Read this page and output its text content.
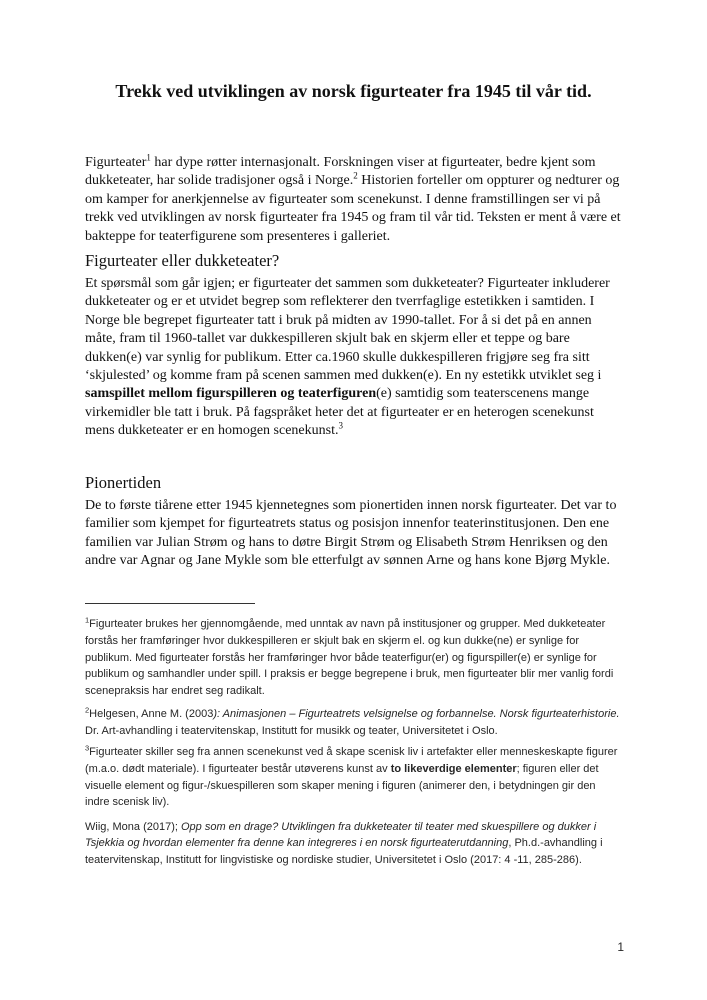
Trekk ved utviklingen av norsk figurteater fra 1945 til vår tid.

Figurteater$^1$ har dype røtter internasjonalt. Forskningen viser at figurteater, bedre kjent som dukketeater, har solide tradisjoner også i Norge.$^2$ Historien forteller om oppturer og nedturer og om kamper for anerkjennelse av figurteater som scenekunst. I denne framstillingen ser vi på trekk ved utviklingen av norsk figurteater fra 1945 og fram til vår tid. Teksten er ment å være et bakteppe for teaterfigurene som presenteres i galleriet.

Figurteater eller dukketeater?

Et spørsmål som går igjen; er figurteater det sammen som dukketeater? Figurteater inkluderer dukketeater og er et utvidet begrep som reflekterer den tverrfaglige estetikken i samtiden. I Norge ble begrepet figurteater tatt i bruk på midten av 1990-tallet. For å si det på en annen måte, fram til 1960-tallet var dukkespilleren skjult bak en skjerm eller et teppe og bare dukken(e) var synlig for publikum. Etter ca.1960 skulle dukkespilleren frigjøre seg fra sitt ‘skjulested’ og komme fram på scenen sammen med dukken(e). En ny estetikk utviklet seg i samspillet mellom figurspilleren og teaterfiguren(e) samtidig som teaterscenens mange virkemidler ble tatt i bruk. På fagspråket heter det at figurteater er en heterogen scenekunst mens dukketeater er en homogen scenekunst.$^3$

Pionertiden

De to første tiårene etter 1945 kjennetegnes som pionertiden innen norsk figurteater. Det var to familier som kjempet for figurteatrets status og posisjon innenfor teaterinstitusjonen. Den ene familien var Julian Strøm og hans to døtre Birgit Strøm og Elisabeth Strøm Henriksen og den andre var Agnar og Jane Mykle som ble etterfulgt av sønnen Arne og hans kone Bjørg Mykle.

$^1$Figurteater brukes her gjennomgående, med unntak av navn på institusjoner og grupper. Med dukketeater forstås her framføringer hvor dukkespilleren er skjult bak en skjerm el. og kun dukke(ne) er synlige for publikum. Med figurteater forstås her framføringer hvor både teaterfigur(er) og figurspiller(e) er synlige for publikum og samhandler under spill. I praksis er begge begrepene i bruk, men figurteater blir mer vanlig fordi scenepraksis har endret seg radikalt.

$^2$Helgesen, Anne M. (2003): Animasjonen – Figurteatrets velsignelse og forbannelse. Norsk figurteaterhistorie. Dr. Art-avhandling i teatervitenskap, Institutt for musikk og teater, Universitetet i Oslo.

$^3$Figurteater skiller seg fra annen scenekunst ved å skape scenisk liv i artefakter eller menneskeskapte figurer (m.a.o. dødt materiale). I figurteater består utøverens kunst av to likeverdige elementer; figuren eller det visuelle element og figur-/skuespilleren som skaper mening i figuren (animerer den, i betydningen gir den indre scenisk liv).

Wiig, Mona (2017); Opp som en drage? Utviklingen fra dukketeater til teater med skuespillere og dukker i Tsjekkia og hvordan elementer fra denne kan integreres i en norsk figurteaterutdanning, Ph.d.-avhandling i teatervitenskap, Institutt for lingvistiske og nordiske studier, Universitetet i Oslo (2017: 4 -11, 285-286).

1
